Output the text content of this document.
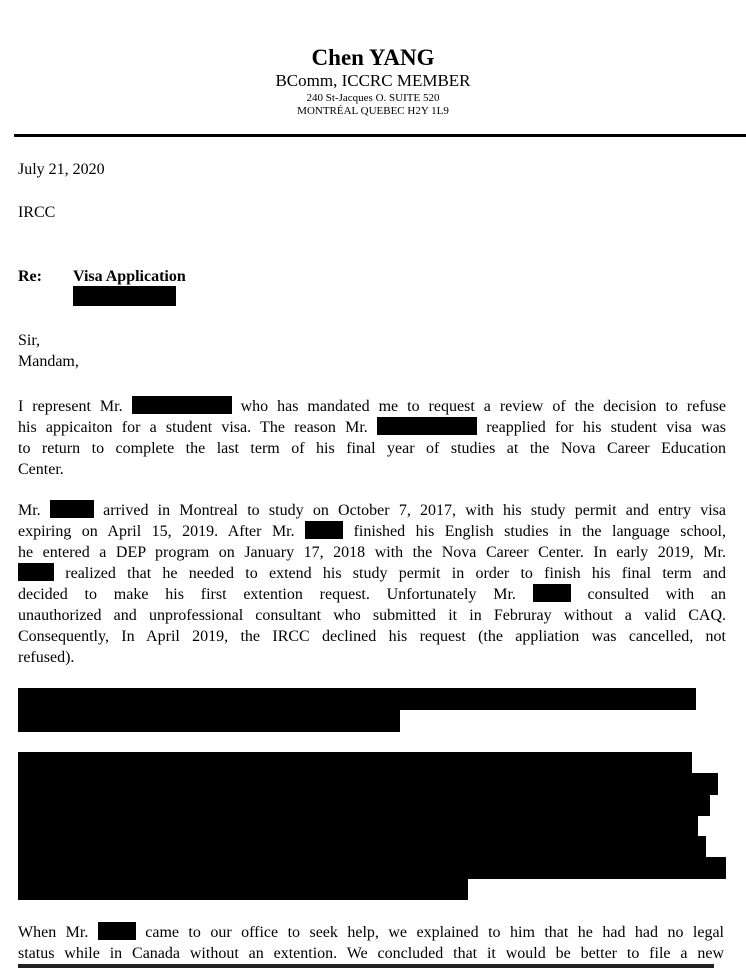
Chen YANG
BComm, ICCRC MEMBER
240 St-Jacques O. SUITE 520
MONTRÉAL QUEBEC H2Y 1L9
July 21, 2020
IRCC
Re: Visa Application
Sir,
Mandam,
I represent Mr.	who has mandated me to request a review of the decision to refuse
his appicaiton for a student visa. The reason Mr.	reapplied for his student visa was
to return to complete the last term of his final year of studies at the Nova Career Education
Center.
Mr.	arrived in Montreal to study on October 7, 2017, with his study permit and entry visa
expiring on April 15, 2019. After Mr.	finished his English studies in the language school,
he entered a DEP program on January 17, 2018 with the Nova Career Center. In early 2019, Mr.
realized that he needed to extend his study permit in order to finish his final term and
decided to make his first extention request. Unfortunately Mr.	consulted with an
unauthorized and unprofessional consultant who submitted it in Februray without a valid CAQ.
Consequently, In April 2019, the IRCC declined his request (the appliation was cancelled, not
refused).
When Mr.	came to our office to seek help, we explained to him that he had had no legal
status while in Canada without an extention. We concluded that it would be better to file a new
